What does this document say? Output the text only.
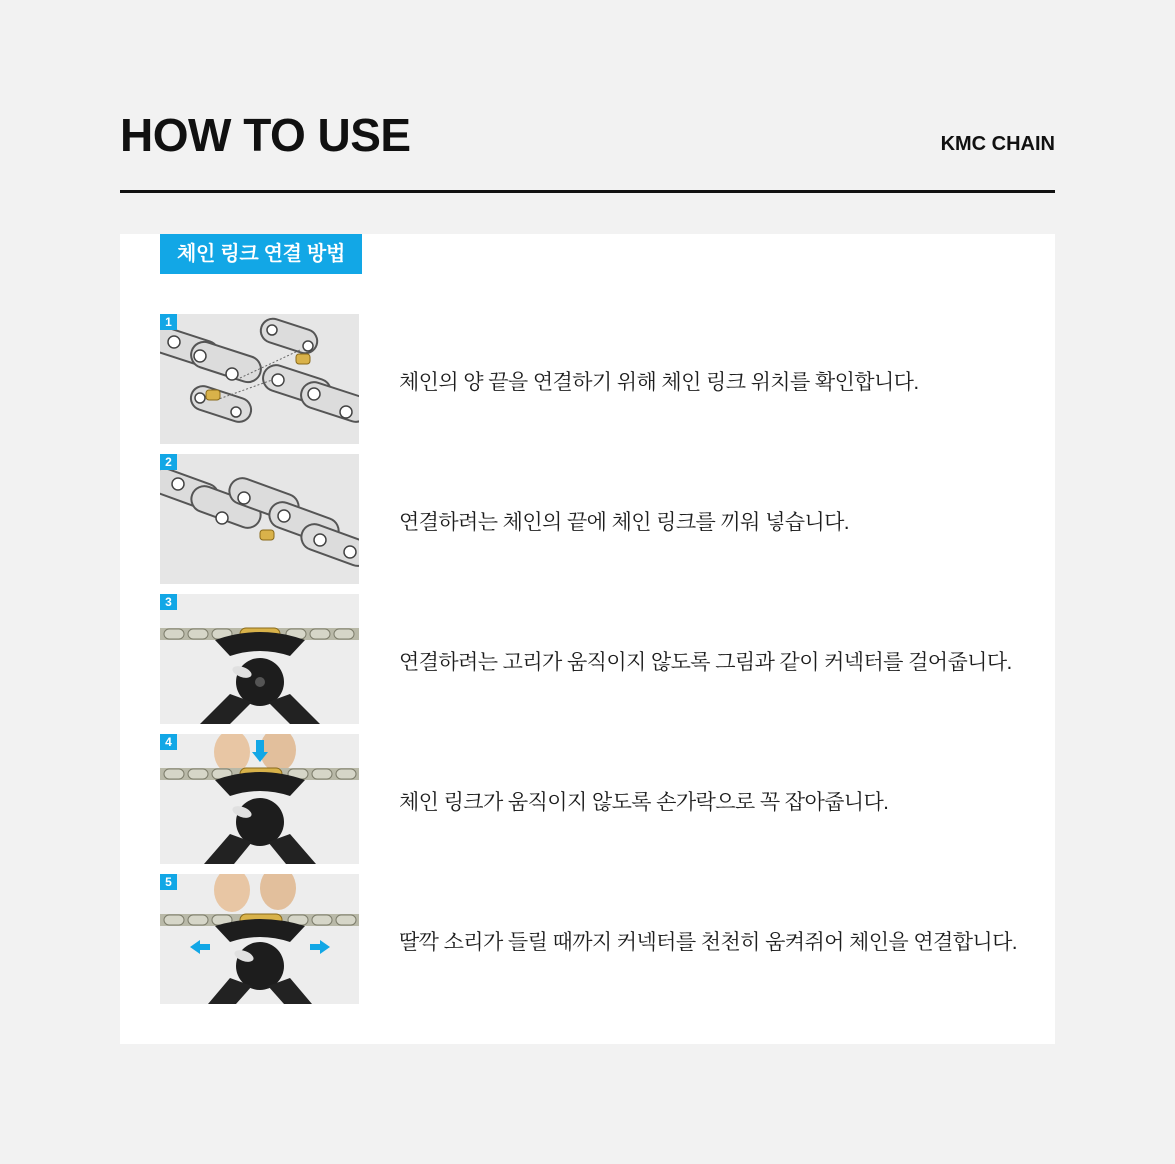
HOW TO USE	KMC CHAIN
체인 링크 연결 방법
1
체인의 양 끝을 연결하기 위해 체인 링크 위치를 확인합니다.
2
연결하려는 체인의 끝에 체인 링크를 끼워 넣습니다.
3
연결하려는 고리가 움직이지 않도록 그림과 같이 커넥터를 걸어줍니다.
4
체인 링크가 움직이지 않도록 손가락으로 꼭 잡아줍니다.
5
딸깍 소리가 들릴 때까지 커넥터를 천천히 움켜쥐어 체인을 연결합니다.
